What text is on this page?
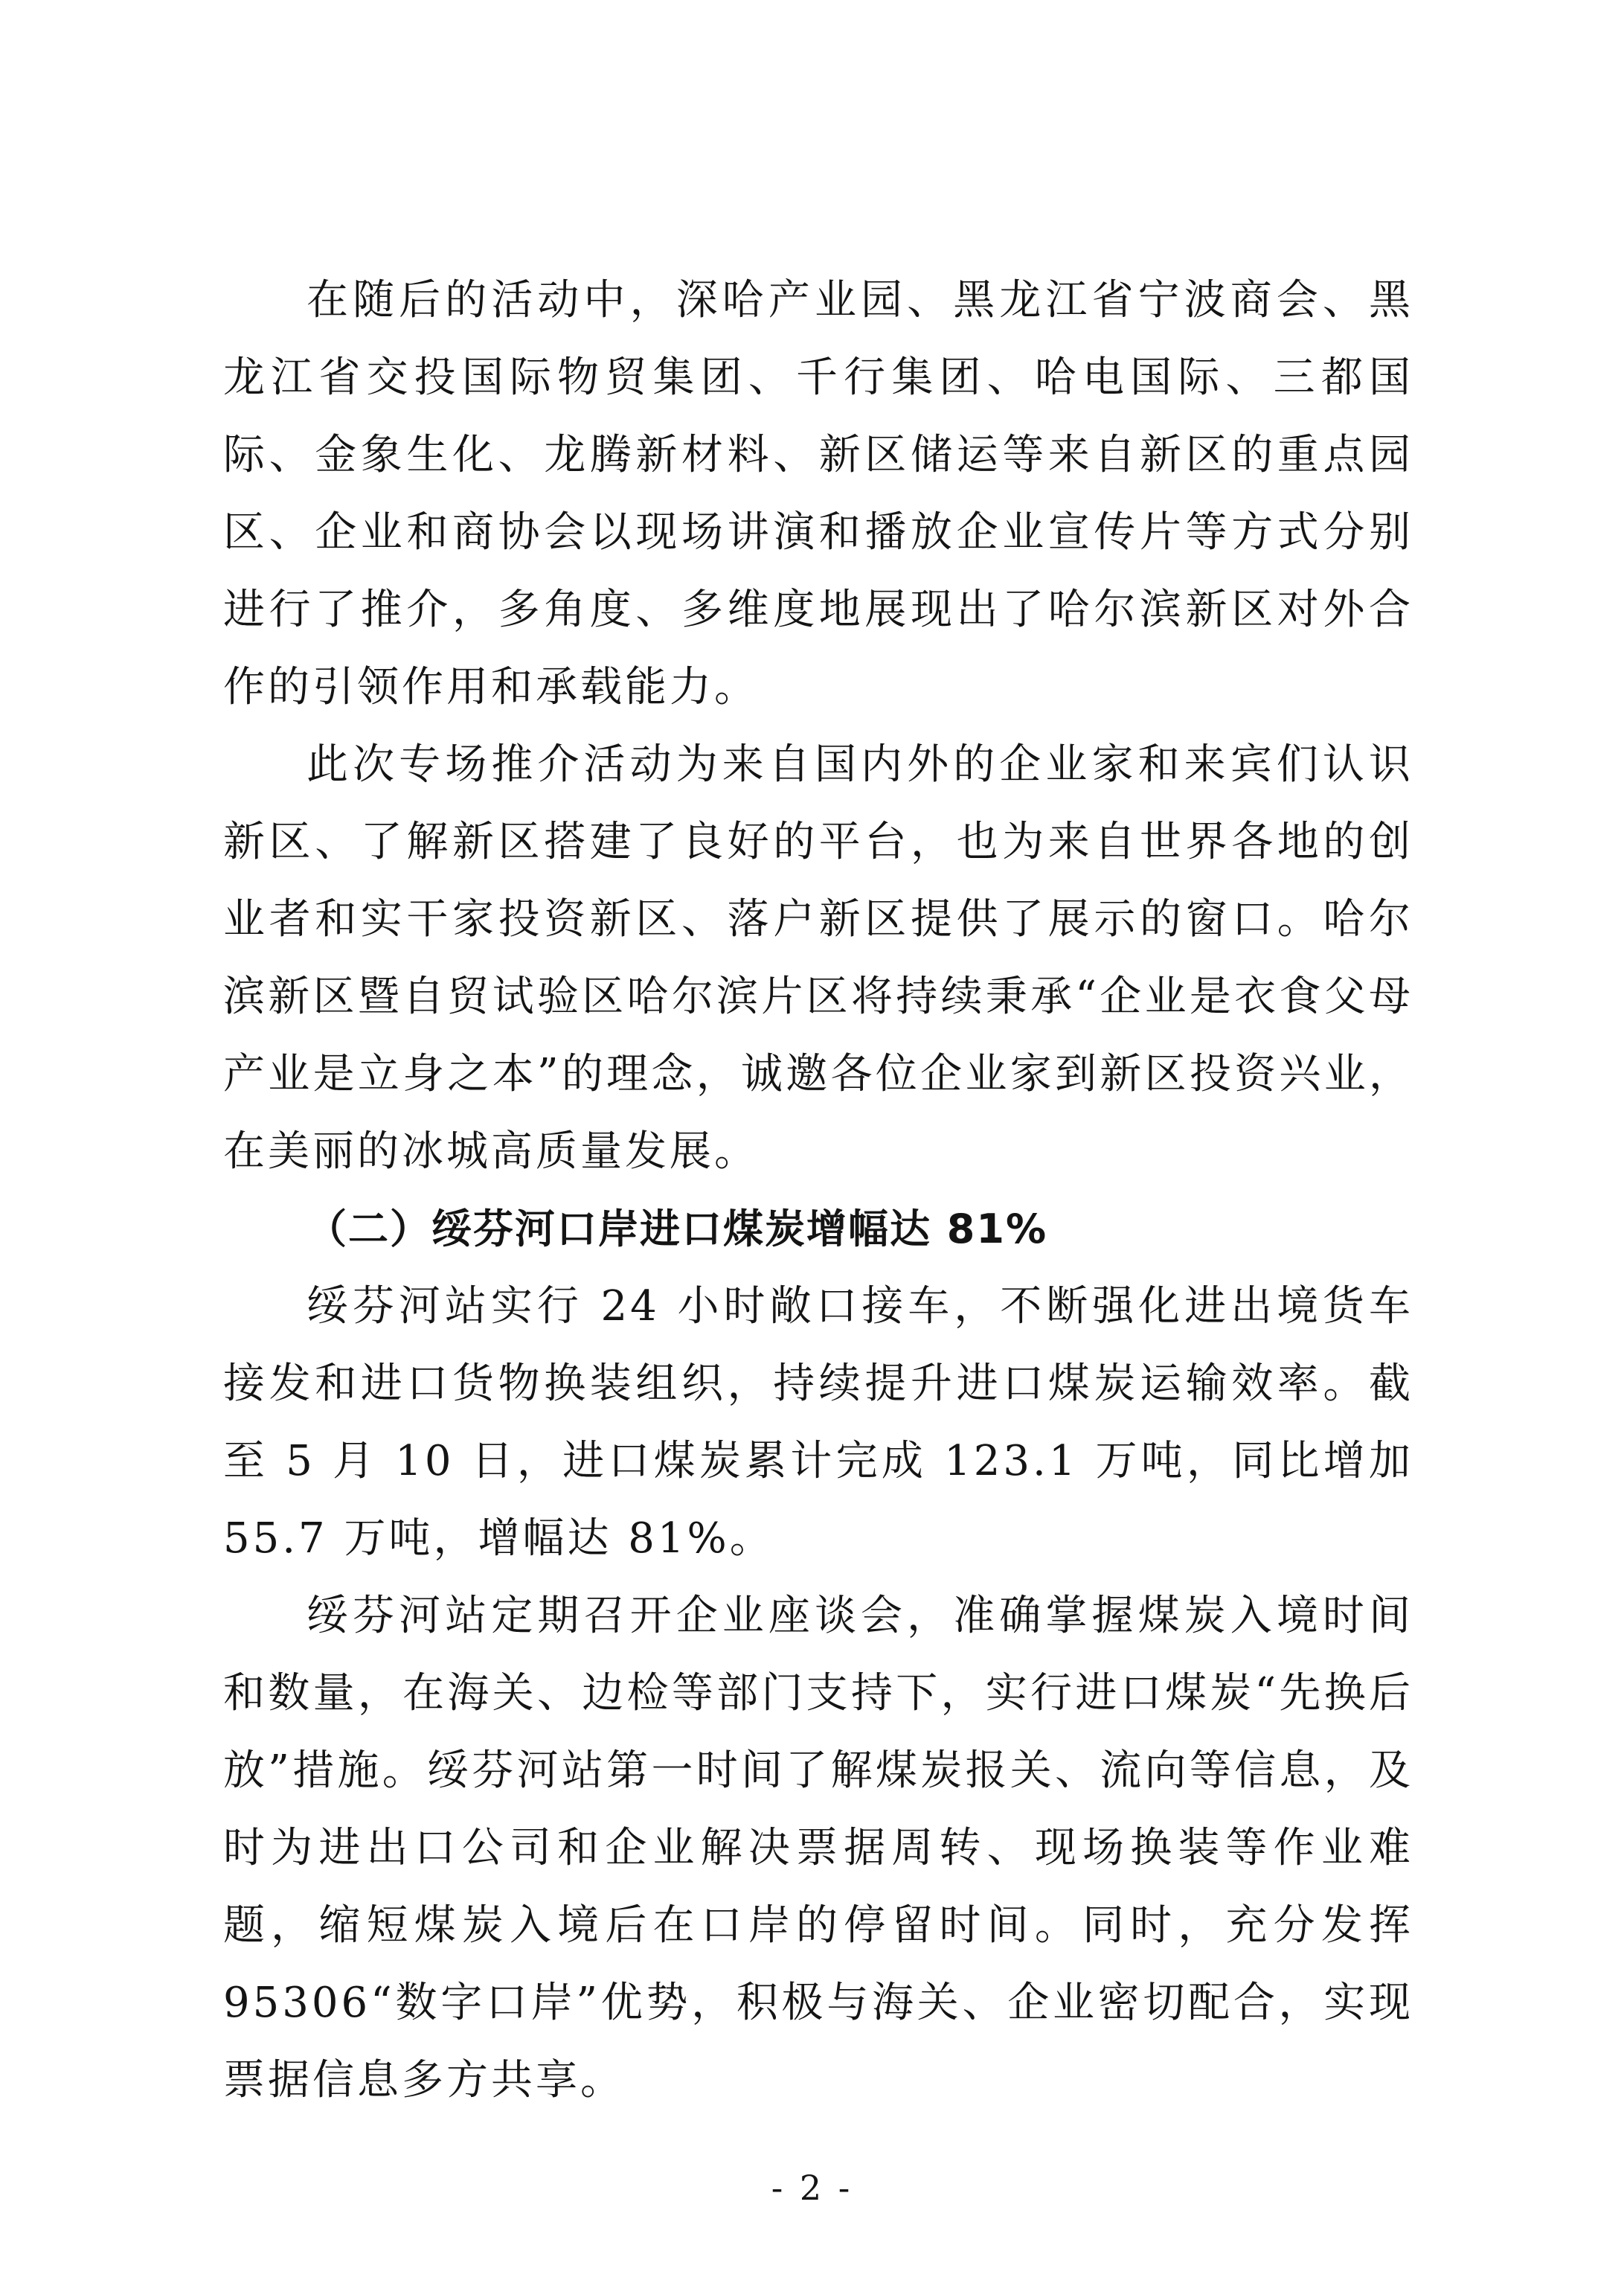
在随后的活动中，深哈产业园、黑龙江省宁波商会、黑龙江省交投国际物贸集团、千行集团、哈电国际、三都国际、金象生化、龙腾新材料、新区储运等来自新区的重点园区、企业和商协会以现场讲演和播放企业宣传片等方式分别进行了推介，多角度、多维度地展现出了哈尔滨新区对外合作的引领作用和承载能力。

此次专场推介活动为来自国内外的企业家和来宾们认识新区、了解新区搭建了良好的平台，也为来自世界各地的创业者和实干家投资新区、落户新区提供了展示的窗口。哈尔滨新区暨自贸试验区哈尔滨片区将持续秉承“企业是衣食父母 产业是立身之本”的理念，诚邀各位企业家到新区投资兴业，在美丽的冰城高质量发展。

（二）绥芬河口岸进口煤炭增幅达 81%

绥芬河站实行 24 小时敞口接车，不断强化进出境货车接发和进口货物换装组织，持续提升进口煤炭运输效率。截至 5 月 10 日，进口煤炭累计完成 123.1 万吨，同比增加 55.7 万吨，增幅达 81%。

绥芬河站定期召开企业座谈会，准确掌握煤炭入境时间和数量，在海关、边检等部门支持下，实行进口煤炭“先换后放”措施。绥芬河站第一时间了解煤炭报关、流向等信息，及时为进出口公司和企业解决票据周转、现场换装等作业难题，缩短煤炭入境后在口岸的停留时间。同时，充分发挥 95306“数字口岸”优势，积极与海关、企业密切配合，实现票据信息多方共享。

- 2 -
